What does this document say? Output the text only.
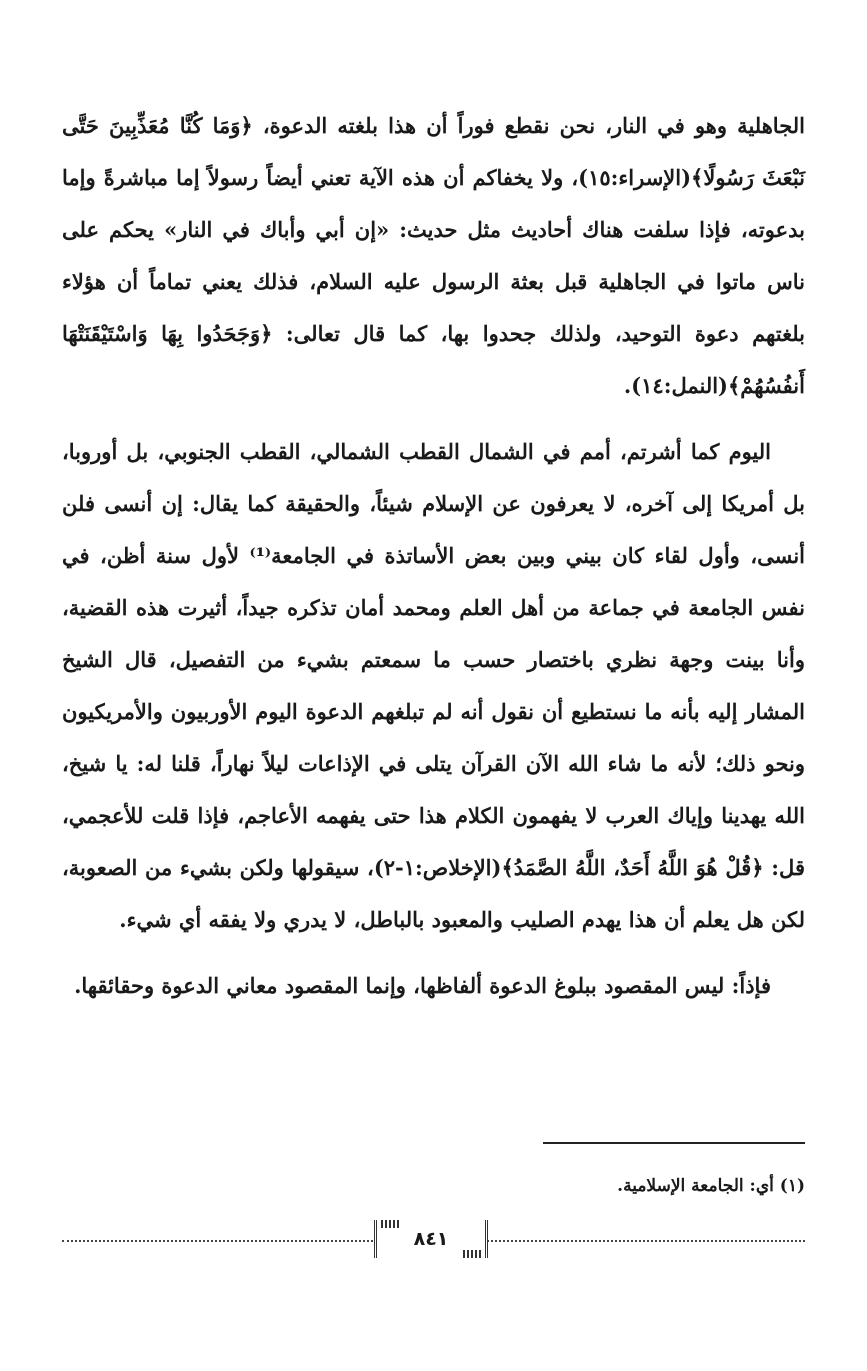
الجاهلية وهو في النار، نحن نقطع فوراً أن هذا بلغته الدعوة، ﴿وَمَا كُنَّا مُعَذِّبِينَ حَتَّى نَبْعَثَ رَسُولًا﴾(الإسراء:١٥)، ولا يخفاكم أن هذه الآية تعني أيضاً رسولاً إما مباشرةً وإما بدعوته، فإذا سلفت هناك أحاديث مثل حديث: «إن أبي وأباك في النار» يحكم على ناس ماتوا في الجاهلية قبل بعثة الرسول عليه السلام، فذلك يعني تماماً أن هؤلاء بلغتهم دعوة التوحيد، ولذلك جحدوا بها، كما قال تعالى: ﴿وَجَحَدُوا بِهَا وَاسْتَيْقَنَتْهَا أَنفُسُهُمْ﴾(النمل:١٤).

اليوم كما أشرتم، أمم في الشمال القطب الشمالي، القطب الجنوبي، بل أوروبا، بل أمريكا إلى آخره، لا يعرفون عن الإسلام شيئاً، والحقيقة كما يقال: إن أنسى فلن أنسى، وأول لقاء كان بيني وبين بعض الأساتذة في الجامعة⁽¹⁾ لأول سنة أظن، في نفس الجامعة في جماعة من أهل العلم ومحمد أمان تذكره جيداً، أثيرت هذه القضية، وأنا بينت وجهة نظري باختصار حسب ما سمعتم بشيء من التفصيل، قال الشيخ المشار إليه بأنه ما نستطيع أن نقول أنه لم تبلغهم الدعوة اليوم الأوربيون والأمريكيون ونحو ذلك؛ لأنه ما شاء الله الآن القرآن يتلى في الإذاعات ليلاً نهاراً، قلنا له: يا شيخ، الله يهدينا وإياك العرب لا يفهمون الكلام هذا حتى يفهمه الأعاجم، فإذا قلت للأعجمي، قل: ﴿قُلْ هُوَ اللَّهُ أَحَدٌ، اللَّهُ الصَّمَدُ﴾(الإخلاص:١-٢)، سيقولها ولكن بشيء من الصعوبة، لكن هل يعلم أن هذا يهدم الصليب والمعبود بالباطل، لا يدري ولا يفقه أي شيء.

فإذاً: ليس المقصود ببلوغ الدعوة ألفاظها، وإنما المقصود معاني الدعوة وحقائقها.

(١) أي: الجامعة الإسلامية.

٨٤١
